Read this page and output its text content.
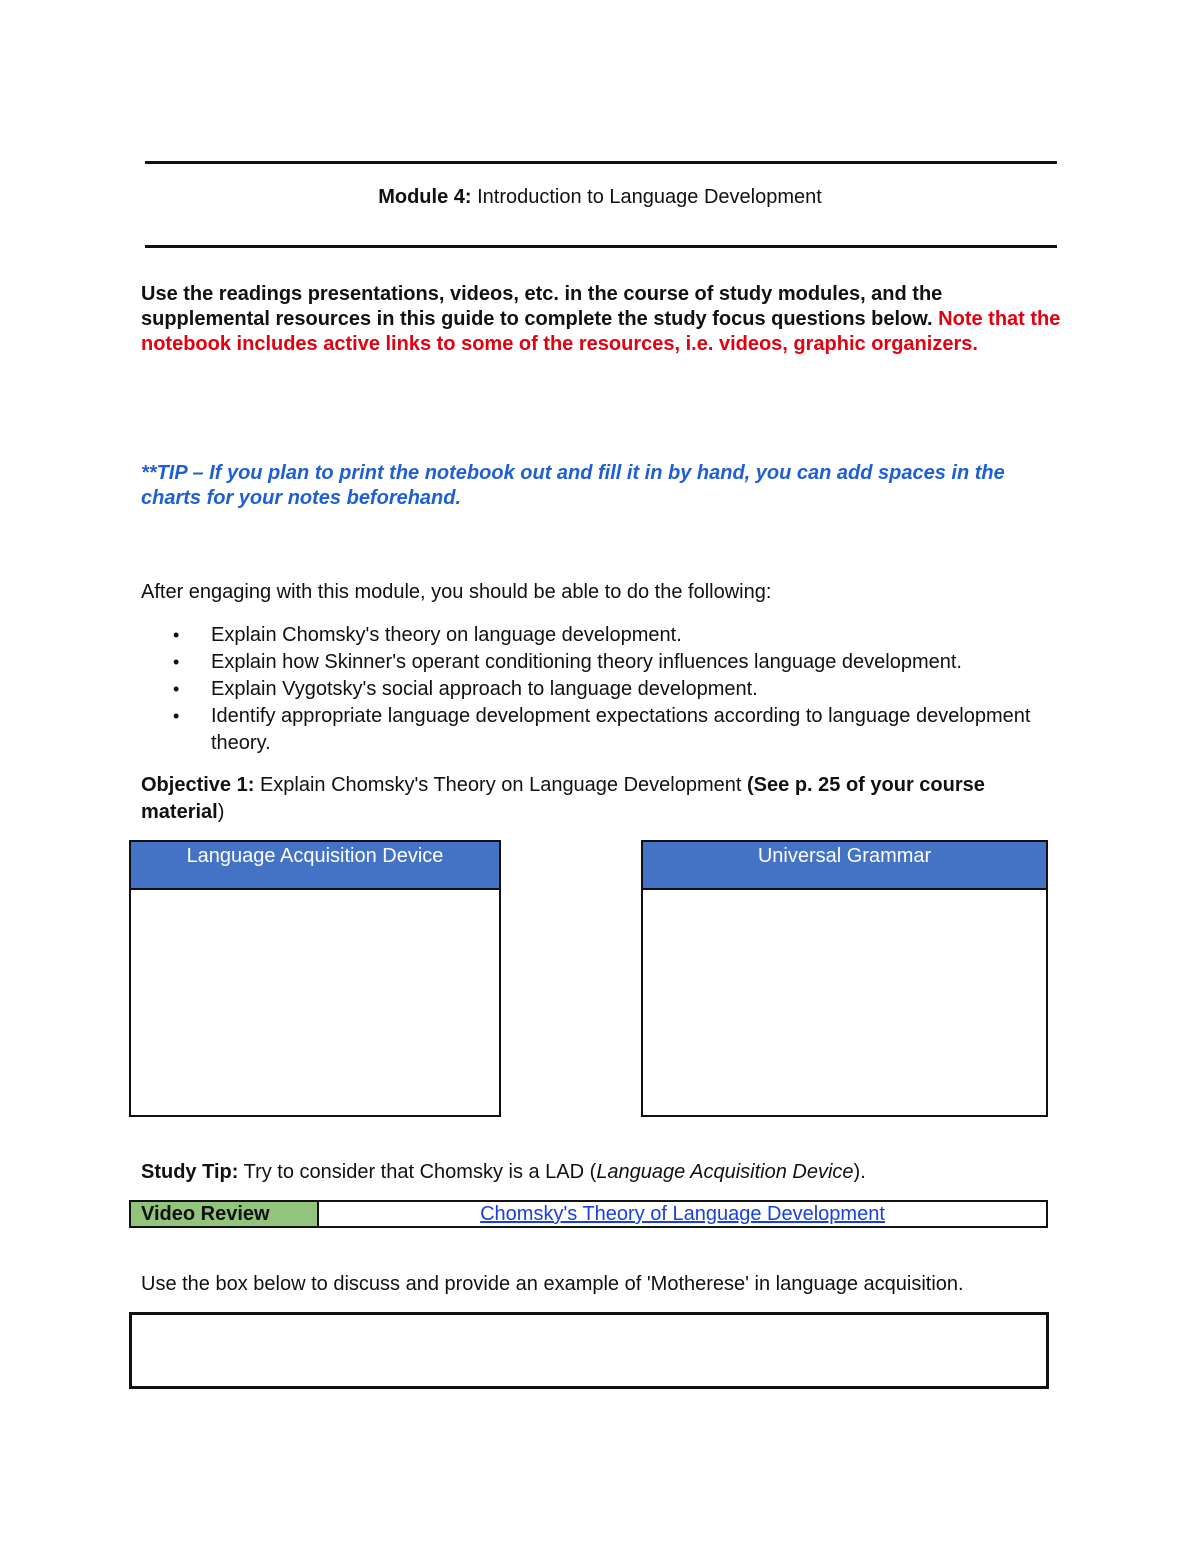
Module 4: Introduction to Language Development
Use the readings presentations, videos, etc. in the course of study modules, and the supplemental resources in this guide to complete the study focus questions below. Note that the notebook includes active links to some of the resources, i.e. videos, graphic organizers.
**TIP – If you plan to print the notebook out and fill it in by hand, you can add spaces in the charts for your notes beforehand.
After engaging with this module, you should be able to do the following:
• Explain Chomsky's theory on language development.
• Explain how Skinner's operant conditioning theory influences language development.
• Explain Vygotsky's social approach to language development.
• Identify appropriate language development expectations according to language development theory.
Objective 1: Explain Chomsky's Theory on Language Development (See p. 25 of your course material)
Language Acquisition Device	Universal Grammar
Study Tip: Try to consider that Chomsky is a LAD (Language Acquisition Device).
Video Review	Chomsky's Theory of Language Development
Use the box below to discuss and provide an example of 'Motherese' in language acquisition.
